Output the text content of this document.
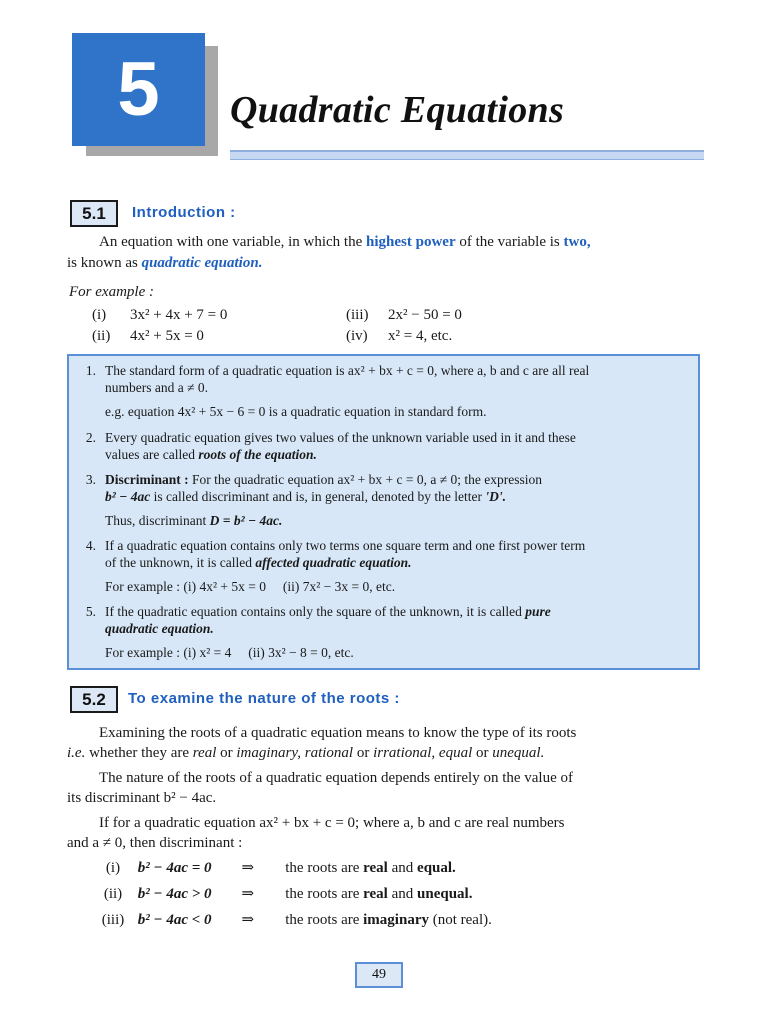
5 Quadratic Equations
5.1	Introduction :
An equation with one variable, in which the highest power of the variable is two,
is known as quadratic equation.
For example :
(i) 3x² + 4x + 7 = 0
(ii) 4x² + 5x = 0
(iii) 2x² − 50 = 0
(iv) x² = 4, etc.
1. The standard form of a quadratic equation is ax² + bx + c = 0, where a, b and c are all real
numbers and a ≠ 0.
e.g. equation 4x² + 5x − 6 = 0 is a quadratic equation in standard form.
2. Every quadratic equation gives two values of the unknown variable used in it and these
values are called roots of the equation.
3. Discriminant : For the quadratic equation ax² + bx + c = 0, a ≠ 0; the expression
b² − 4ac is called discriminant and is, in general, denoted by the letter 'D'.
Thus, discriminant D = b² − 4ac.
4. If a quadratic equation contains only two terms one square term and one first power term
of the unknown, it is called affected quadratic equation.
For example : (i) 4x² + 5x = 0     (ii) 7x² − 3x = 0, etc.
5. If the quadratic equation contains only the square of the unknown, it is called pure
quadratic equation.
For example : (i) x² = 4     (ii) 3x² − 8 = 0, etc.
5.2	To examine the nature of the roots :
Examining the roots of a quadratic equation means to know the type of its roots
i.e. whether they are real or imaginary, rational or irrational, equal or unequal.
The nature of the roots of a quadratic equation depends entirely on the value of
its discriminant b² − 4ac.
If for a quadratic equation ax² + bx + c = 0; where a, b and c are real numbers
and a ≠ 0, then discriminant :
(i) b² − 4ac = 0 ⇒ the roots are real and equal.
(ii) b² − 4ac > 0 ⇒ the roots are real and unequal.
(iii) b² − 4ac < 0 ⇒ the roots are imaginary (not real).
49
